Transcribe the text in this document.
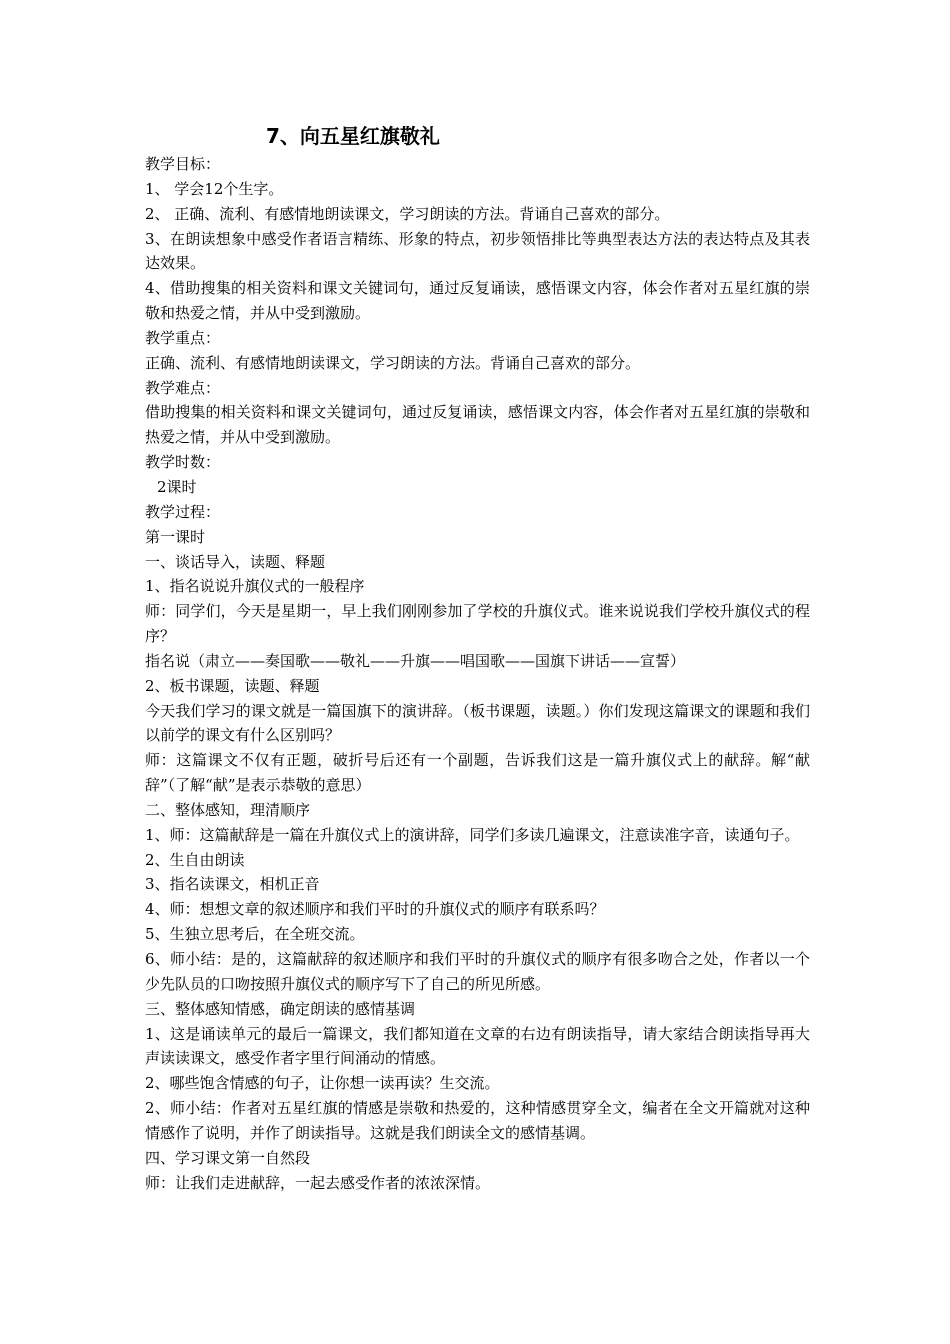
7、向五星红旗敬礼

教学目标：

1、 学会12个生字。

2、 正确、流利、有感情地朗读课文，学习朗读的方法。背诵自己喜欢的部分。

3、在朗读想象中感受作者语言精练、形象的特点，初步领悟排比等典型表达方法的表达特点及其表达效果。

4、借助搜集的相关资料和课文关键词句，通过反复诵读，感悟课文内容，体会作者对五星红旗的崇敬和热爱之情，并从中受到激励。

教学重点：

正确、流利、有感情地朗读课文，学习朗读的方法。背诵自己喜欢的部分。

教学难点：

借助搜集的相关资料和课文关键词句，通过反复诵读，感悟课文内容，体会作者对五星红旗的崇敬和热爱之情，并从中受到激励。

教学时数：

2课时

教学过程：

第一课时

一、谈话导入，读题、释题

1、指名说说升旗仪式的一般程序

师：同学们，今天是星期一，早上我们刚刚参加了学校的升旗仪式。谁来说说我们学校升旗仪式的程序？

指名说（肃立——奏国歌——敬礼——升旗——唱国歌——国旗下讲话——宣誓）

2、板书课题，读题、释题

今天我们学习的课文就是一篇国旗下的演讲辞。（板书课题，读题。）你们发现这篇课文的课题和我们以前学的课文有什么区别吗？

师：这篇课文不仅有正题，破折号后还有一个副题，告诉我们这是一篇升旗仪式上的献辞。解“献辞”（了解“献”是表示恭敬的意思）

二、整体感知，理清顺序

1、师：这篇献辞是一篇在升旗仪式上的演讲辞，同学们多读几遍课文，注意读准字音，读通句子。

2、生自由朗读

3、指名读课文，相机正音

4、师：想想文章的叙述顺序和我们平时的升旗仪式的顺序有联系吗？

5、生独立思考后，在全班交流。

6、师小结：是的，这篇献辞的叙述顺序和我们平时的升旗仪式的顺序有很多吻合之处，作者以一个少先队员的口吻按照升旗仪式的顺序写下了自己的所见所感。

三、整体感知情感，确定朗读的感情基调

1、这是诵读单元的最后一篇课文，我们都知道在文章的右边有朗读指导，请大家结合朗读指导再大声读读课文，感受作者字里行间涌动的情感。

2、哪些饱含情感的句子，让你想一读再读？生交流。

2、师小结：作者对五星红旗的情感是崇敬和热爱的，这种情感贯穿全文，编者在全文开篇就对这种情感作了说明，并作了朗读指导。这就是我们朗读全文的感情基调。

四、学习课文第一自然段

师：让我们走进献辞，一起去感受作者的浓浓深情。
